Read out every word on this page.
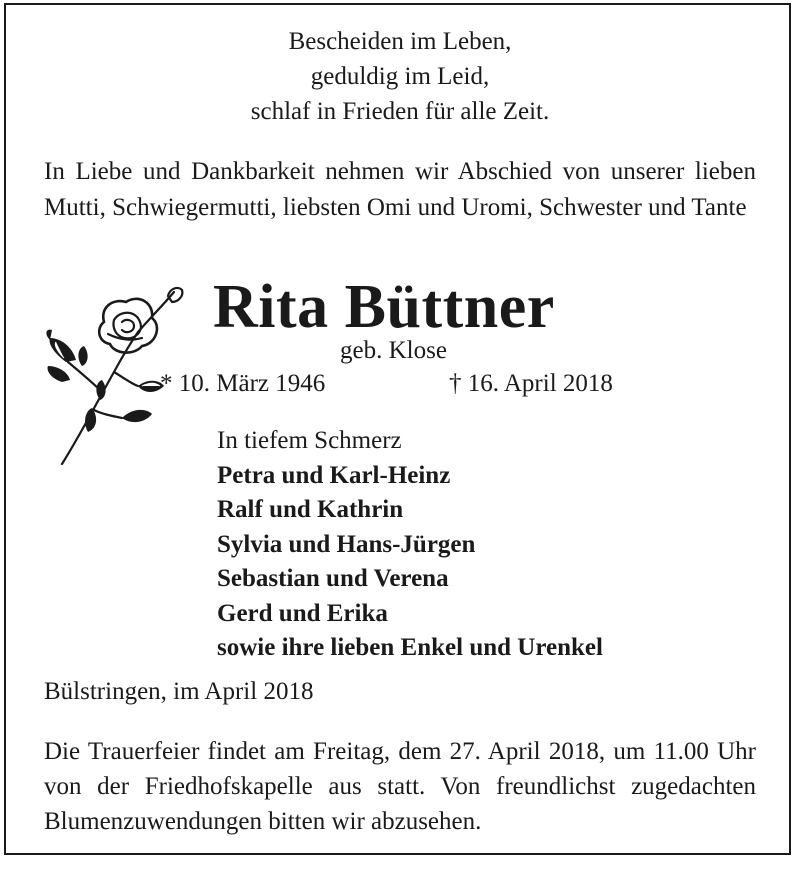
Bescheiden im Leben,
geduldig im Leid,
schlaf in Frieden für alle Zeit.
In Liebe und Dankbarkeit nehmen wir Abschied von unserer lieben Mutti, Schwiegermutti, liebsten Omi und Uromi, Schwester und Tante
Rita Büttner
geb. Klose
* 10. März 1946	† 16. April 2018
In tiefem Schmerz
Petra und Karl-Heinz
Ralf und Kathrin
Sylvia und Hans-Jürgen
Sebastian und Verena
Gerd und Erika
sowie ihre lieben Enkel und Urenkel
Bülstringen, im April 2018
Die Trauerfeier findet am Freitag, dem 27. April 2018, um 11.00 Uhr von der Friedhofskapelle aus statt. Von freundlichst zugedachten Blumenzuwendungen bitten wir abzusehen.
